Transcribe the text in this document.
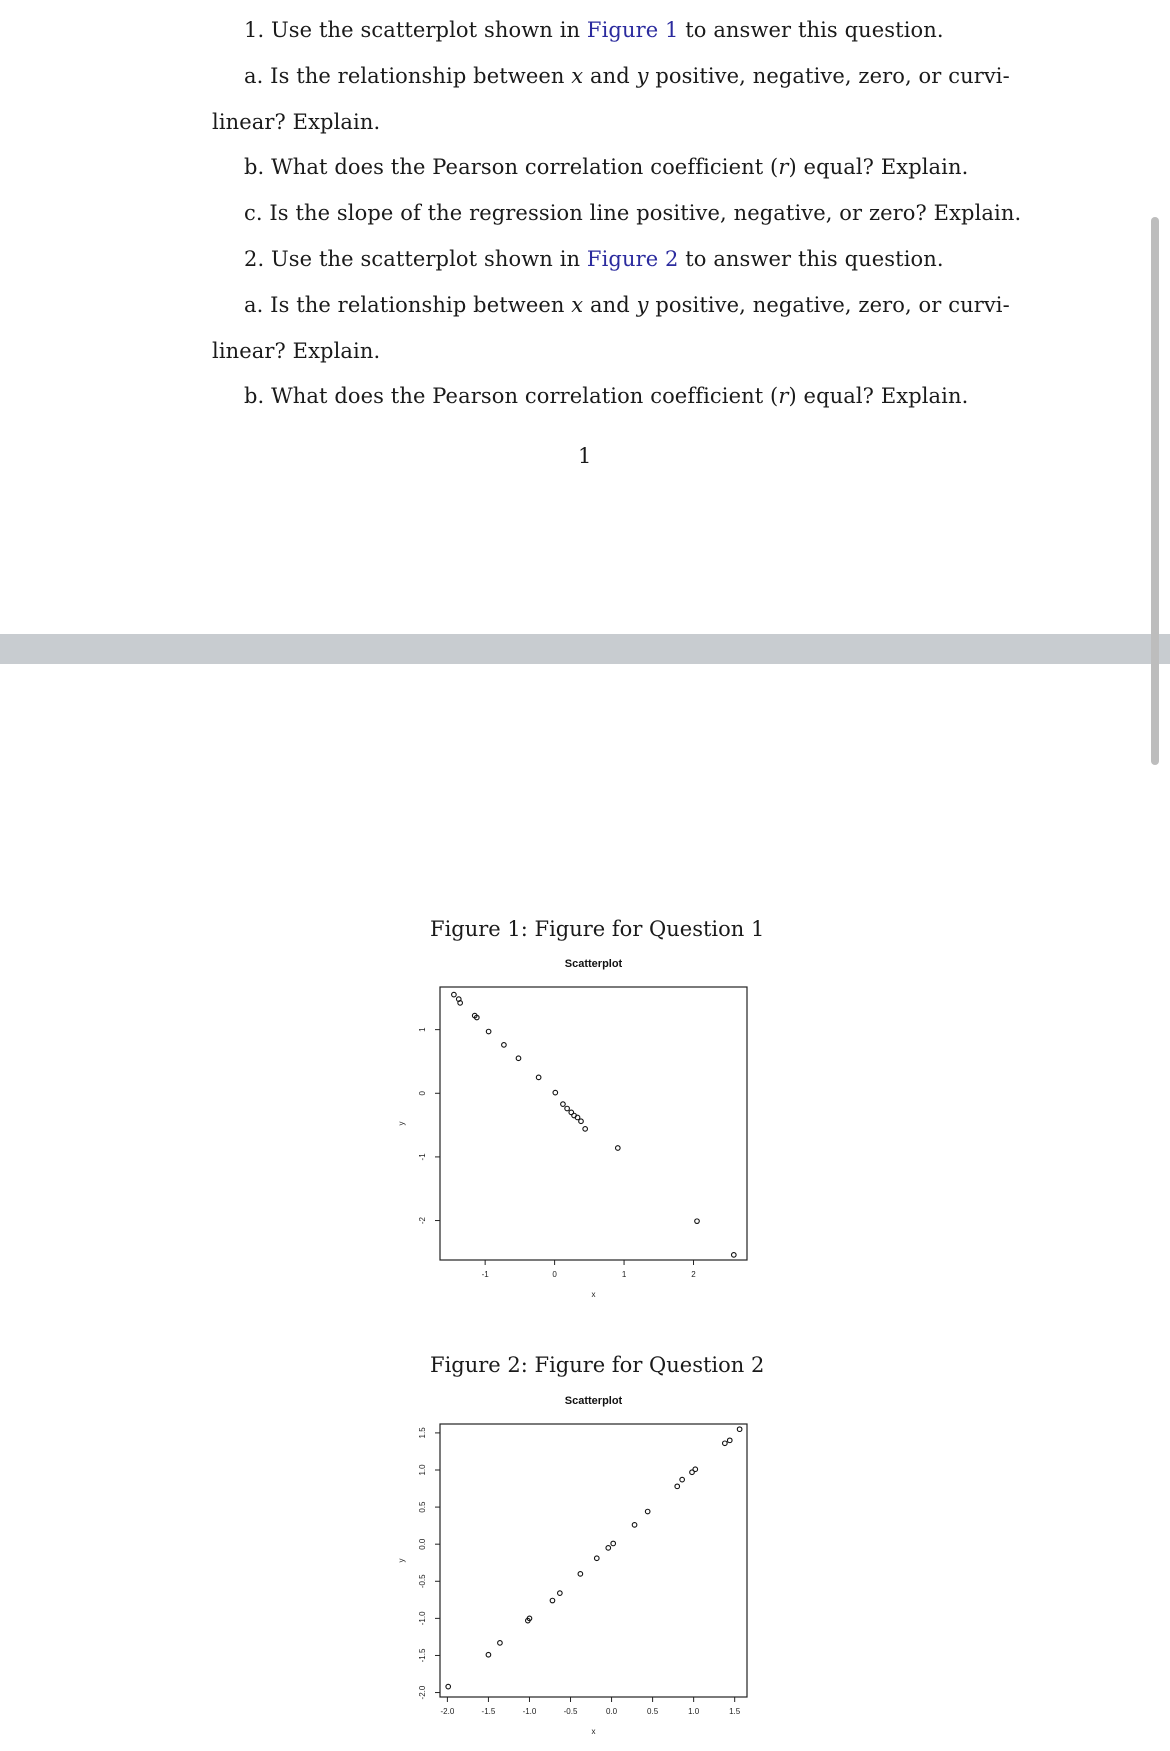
1. Use the scatterplot shown in Figure 1 to answer this question.
a. Is the relationship between x and y positive, negative, zero, or curvi-
linear? Explain.
b. What does the Pearson correlation coefficient (r) equal? Explain.
c. Is the slope of the regression line positive, negative, or zero? Explain.
2. Use the scatterplot shown in Figure 2 to answer this question.
a. Is the relationship between x and y positive, negative, zero, or curvi-
linear? Explain.
b. What does the Pearson correlation coefficient (r) equal? Explain.
1
Figure 1: Figure for Question 1
Scatterplot
-1	0	1	2
-2
-1
0
1
x
y
Figure 2: Figure for Question 2
Scatterplot
-2.0	-1.5	-1.0	-0.5	0.0	0.5	1.0	1.5
-2.0
-1.5
-1.0
-0.5
0.0
0.5
1.0
1.5
x
y
